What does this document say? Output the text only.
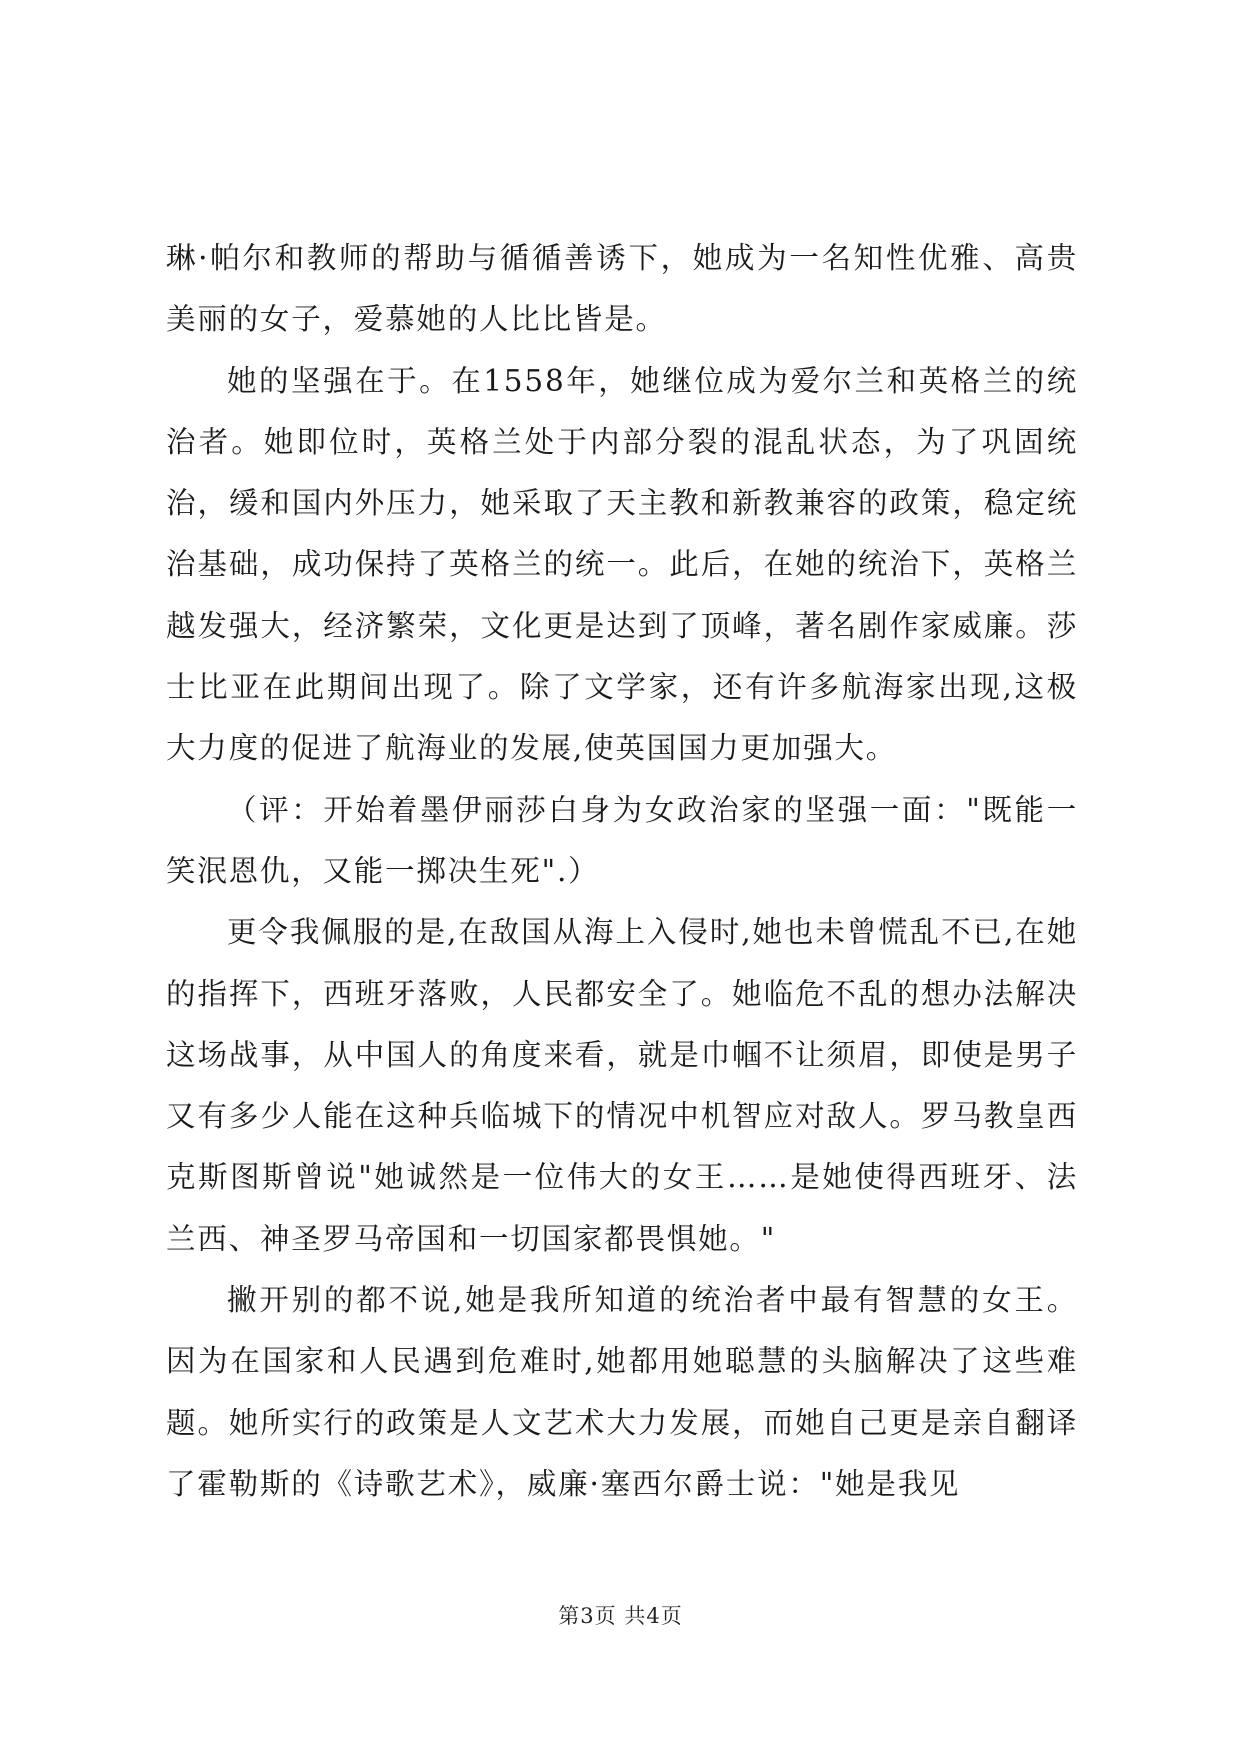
琳·帕尔和教师的帮助与循循善诱下，她成为一名知性优雅、高贵美丽的女子，爱慕她的人比比皆是。

她的坚强在于。在1558年，她继位成为爱尔兰和英格兰的统治者。她即位时，英格兰处于内部分裂的混乱状态，为了巩固统治，缓和国内外压力，她采取了天主教和新教兼容的政策，稳定统治基础，成功保持了英格兰的统一。此后，在她的统治下，英格兰越发强大，经济繁荣，文化更是达到了顶峰，著名剧作家威廉。莎士比亚在此期间出现了。除了文学家，还有许多航海家出现,这极大力度的促进了航海业的发展,使英国国力更加强大。

（评：开始着墨伊丽莎白身为女政治家的坚强一面："既能一笑泯恩仇，又能一掷决生死".）

更令我佩服的是,在敌国从海上入侵时,她也未曾慌乱不已,在她的指挥下，西班牙落败，人民都安全了。她临危不乱的想办法解决这场战事，从中国人的角度来看，就是巾帼不让须眉，即使是男子又有多少人能在这种兵临城下的情况中机智应对敌人。罗马教皇西克斯图斯曾说"她诚然是一位伟大的女王……是她使得西班牙、法兰西、神圣罗马帝国和一切国家都畏惧她。"

撇开别的都不说,她是我所知道的统治者中最有智慧的女王。因为在国家和人民遇到危难时,她都用她聪慧的头脑解决了这些难题。她所实行的政策是人文艺术大力发展，而她自己更是亲自翻译了霍勒斯的《诗歌艺术》，威廉·塞西尔爵士说："她是我见

第3页 共4页
